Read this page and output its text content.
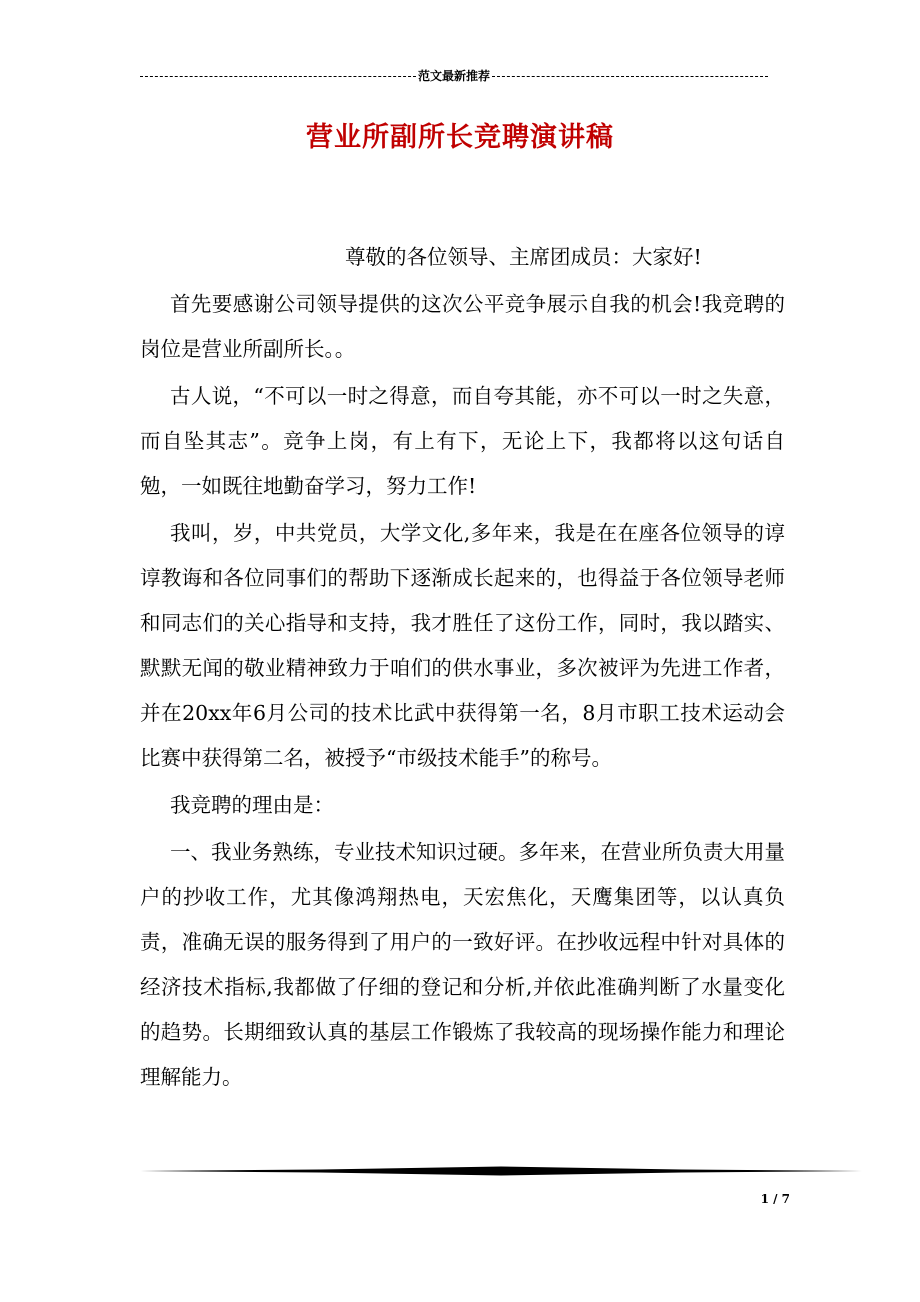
范文最新推荐
营业所副所长竞聘演讲稿

尊敬的各位领导、主席团成员：大家好!

首先要感谢公司领导提供的这次公平竞争展示自我的机会!我竞聘的岗位是营业所副所长。。

古人说，“不可以一时之得意，而自夸其能，亦不可以一时之失意，而自坠其志”。竞争上岗，有上有下，无论上下，我都将以这句话自勉，一如既往地勤奋学习，努力工作!

我叫，岁，中共党员，大学文化,多年来，我是在在座各位领导的谆谆教诲和各位同事们的帮助下逐渐成长起来的，也得益于各位领导老师和同志们的关心指导和支持，我才胜任了这份工作，同时，我以踏实、默默无闻的敬业精神致力于咱们的供水事业，多次被评为先进工作者，并在20xx年6月公司的技术比武中获得第一名，8月市职工技术运动会比赛中获得第二名，被授予“市级技术能手”的称号。

我竞聘的理由是：

一、我业务熟练，专业技术知识过硬。多年来，在营业所负责大用量户的抄收工作，尤其像鸿翔热电，天宏焦化，天鹰集团等，以认真负责，准确无误的服务得到了用户的一致好评。在抄收远程中针对具体的经济技术指标,我都做了仔细的登记和分析,并依此准确判断了水量变化的趋势。长期细致认真的基层工作锻炼了我较高的现场操作能力和理论理解能力。

1 / 7
